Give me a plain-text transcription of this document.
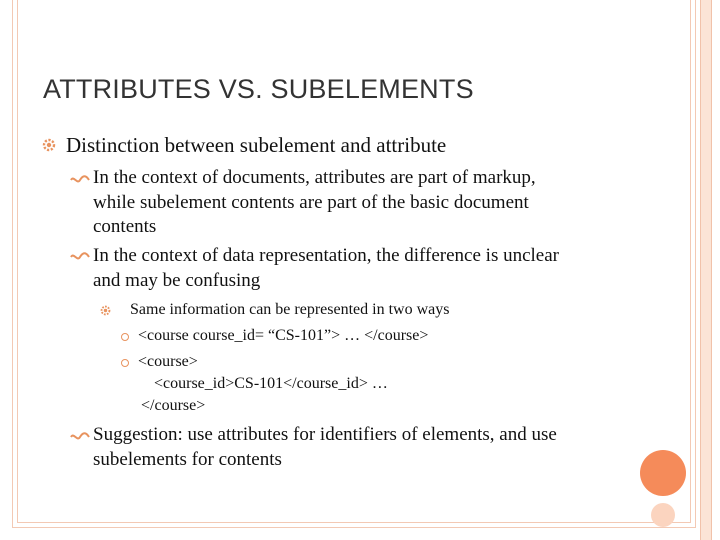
ATTRIBUTES VS. SUBELEMENTS
Distinction between subelement and attribute
In the context of documents, attributes are part of markup,
while subelement contents are part of the basic document
contents
In the context of data representation, the difference is unclear
and may be confusing
Same information can be represented in two ways
<course course_id= “CS-101”> … </course>
<course>
<course_id>CS-101</course_id> …
</course>
Suggestion: use attributes for identifiers of elements, and use
subelements for contents
